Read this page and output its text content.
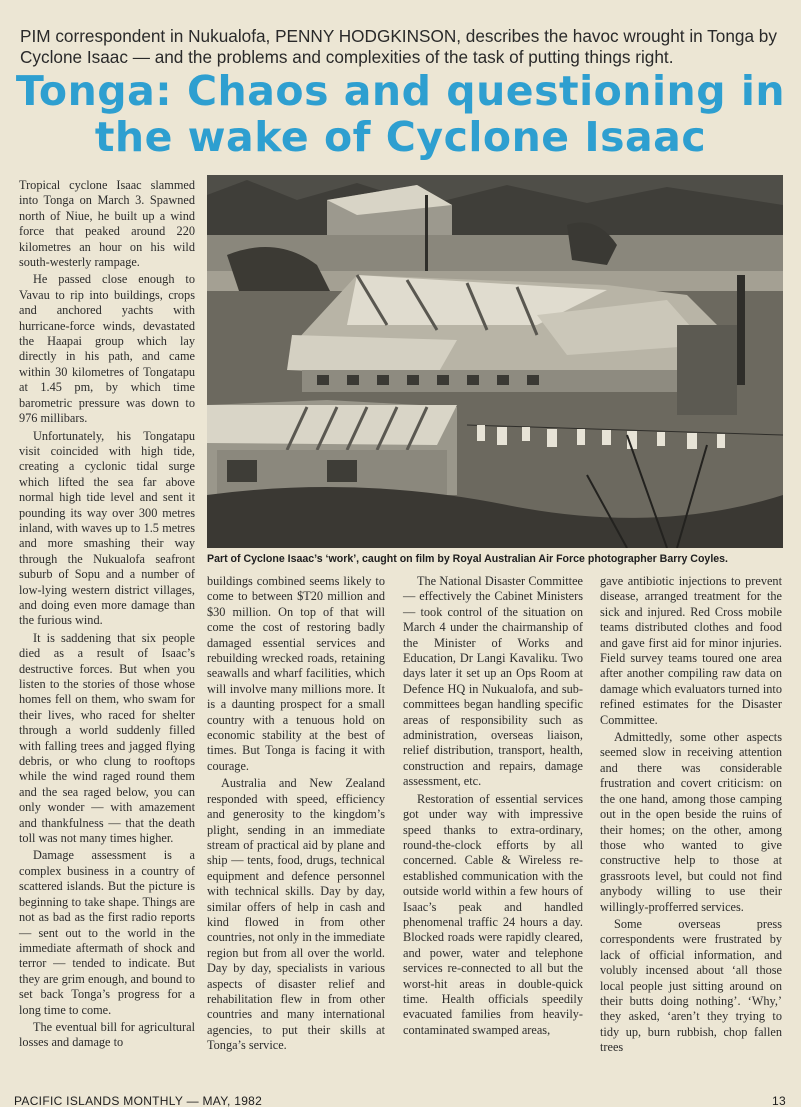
PIM correspondent in Nukualofa, PENNY HODGKINSON, describes the havoc wrought in Tonga by Cyclone Isaac — and the problems and complexities of the task of putting things right.
Tonga: Chaos and questioning in
the wake of Cyclone Isaac

Tropical cyclone Isaac slammed into Tonga on March 3. Spawned north of Niue, he built up a wind force that peaked around 220 kilometres an hour on his wild south-westerly rampage.

He passed close enough to Vavau to rip into buildings, crops and anchored yachts with hurricane-force winds, devastated the Haapai group which lay directly in his path, and came within 30 kilometres of Tongatapu at 1.45 pm, by which time barometric pressure was down to 976 millibars.

Unfortunately, his Tongatapu visit coincided with high tide, creating a cyclonic tidal surge which lifted the sea far above normal high tide level and sent it pounding its way over 300 metres inland, with waves up to 1.5 metres and more smashing their way through the Nukualofa seafront suburb of Sopu and a number of low-lying western district villages, and doing even more damage than the furious wind.

It is saddening that six people died as a result of Isaac’s destructive forces. But when you listen to the stories of those whose homes fell on them, who swam for their lives, who raced for shelter through a world suddenly filled with falling trees and jagged flying debris, or who clung to rooftops while the wind raged round them and the sea raged below, you can only wonder — with amazement and thankfulness — that the death toll was not many times higher.

Damage assessment is a complex business in a country of scattered islands. But the picture is beginning to take shape. Things are not as bad as the first radio reports — sent out to the world in the immediate aftermath of shock and terror — tended to indicate. But they are grim enough, and bound to set back Tonga’s progress for a long time to come.

The eventual bill for agricultural losses and damage to

Part of Cyclone Isaac’s ‘work’, caught on film by Royal Australian Air Force photographer Barry Coyles.

buildings combined seems likely to come to between $T20 million and $30 million. On top of that will come the cost of restoring badly damaged essential services and rebuilding wrecked roads, retaining seawalls and wharf facilities, which will involve many millions more. It is a daunting prospect for a small country with a tenuous hold on economic stability at the best of times. But Tonga is facing it with courage.

Australia and New Zealand responded with speed, efficiency and generosity to the kingdom’s plight, sending in an immediate stream of practical aid by plane and ship — tents, food, drugs, technical equipment and defence personnel with technical skills. Day by day, similar offers of help in cash and kind flowed in from other countries, not only in the immediate region but from all over the world. Day by day, specialists in various aspects of disaster relief and rehabilitation flew in from other countries and many international agencies, to put their skills at Tonga’s service.

The National Disaster Committee — effectively the Cabinet Ministers — took control of the situation on March 4 under the chairmanship of the Minister of Works and Education, Dr Langi Kavaliku. Two days later it set up an Ops Room at Defence HQ in Nukualofa, and sub-committees began handling specific areas of responsibility such as administration, overseas liaison, relief distribution, transport, health, construction and repairs, damage assessment, etc.

Restoration of essential services got under way with impressive speed thanks to extra-ordinary, round-the-clock efforts by all concerned. Cable & Wireless re-established communication with the outside world within a few hours of Isaac’s peak and handled phenomenal traffic 24 hours a day. Blocked roads were rapidly cleared, and power, water and telephone services re-connected to all but the worst-hit areas in double-quick time. Health officials speedily evacuated families from heavily-contaminated swamped areas,

gave antibiotic injections to prevent disease, arranged treatment for the sick and injured. Red Cross mobile teams distributed clothes and food and gave first aid for minor injuries. Field survey teams toured one area after another compiling raw data on damage which evaluators turned into refined estimates for the Disaster Committee.

Admittedly, some other aspects seemed slow in receiving attention and there was considerable frustration and covert criticism: on the one hand, among those camping out in the open beside the ruins of their homes; on the other, among those who wanted to give constructive help to those at grassroots level, but could not find anybody willing to use their willingly-profferred services.

Some overseas press correspondents were frustrated by lack of official information, and volubly incensed about ‘all those local people just sitting around on their butts doing nothing’. ‘Why,’ they asked, ‘aren’t they trying to tidy up, burn rubbish, chop fallen trees

PACIFIC ISLANDS MONTHLY — MAY, 1982	13
